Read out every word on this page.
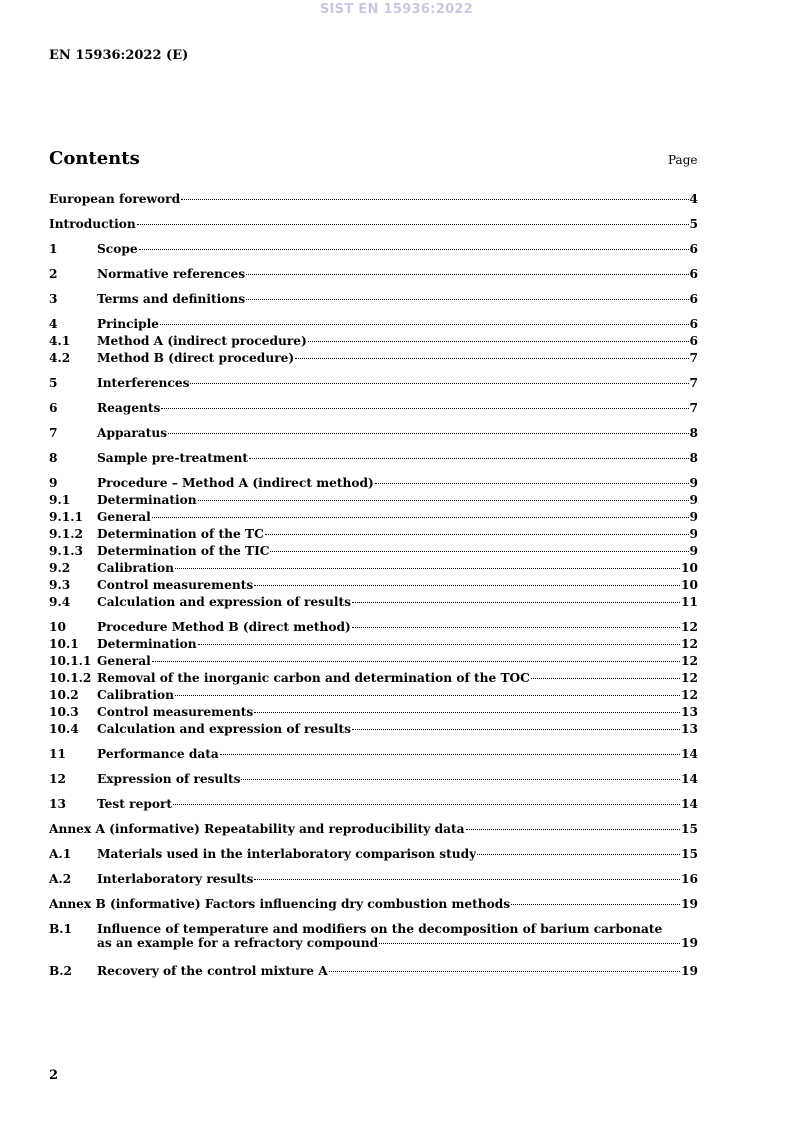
SIST EN 15936:2022
EN 15936:2022 (E)
Contents	Page
European foreword	4
Introduction	5
1	Scope	6
2	Normative references	6
3	Terms and definitions	6
4	Principle	6
4.1	Method A (indirect procedure)	6
4.2	Method B (direct procedure)	7
5	Interferences	7
6	Reagents	7
7	Apparatus	8
8	Sample pre-treatment	8
9	Procedure – Method A (indirect method)	9
9.1	Determination	9
9.1.1	General	9
9.1.2	Determination of the TC	9
9.1.3	Determination of the TIC	9
9.2	Calibration	10
9.3	Control measurements	10
9.4	Calculation and expression of results	11
10	Procedure Method B (direct method)	12
10.1	Determination	12
10.1.1 General	12
10.1.2 Removal of the inorganic carbon and determination of the TOC	12
10.2	Calibration	12
10.3	Control measurements	13
10.4	Calculation and expression of results	13
11	Performance data	14
12	Expression of results	14
13	Test report	14
Annex A (informative) Repeatability and reproducibility data	15
A.1	Materials used in the interlaboratory comparison study	15
A.2	Interlaboratory results	16
Annex B (informative) Factors influencing dry combustion methods	19
B.1	Influence of temperature and modifiers on the decomposition of barium carbonate
as an example for a refractory compound	19
B.2	Recovery of the control mixture A	19
2
